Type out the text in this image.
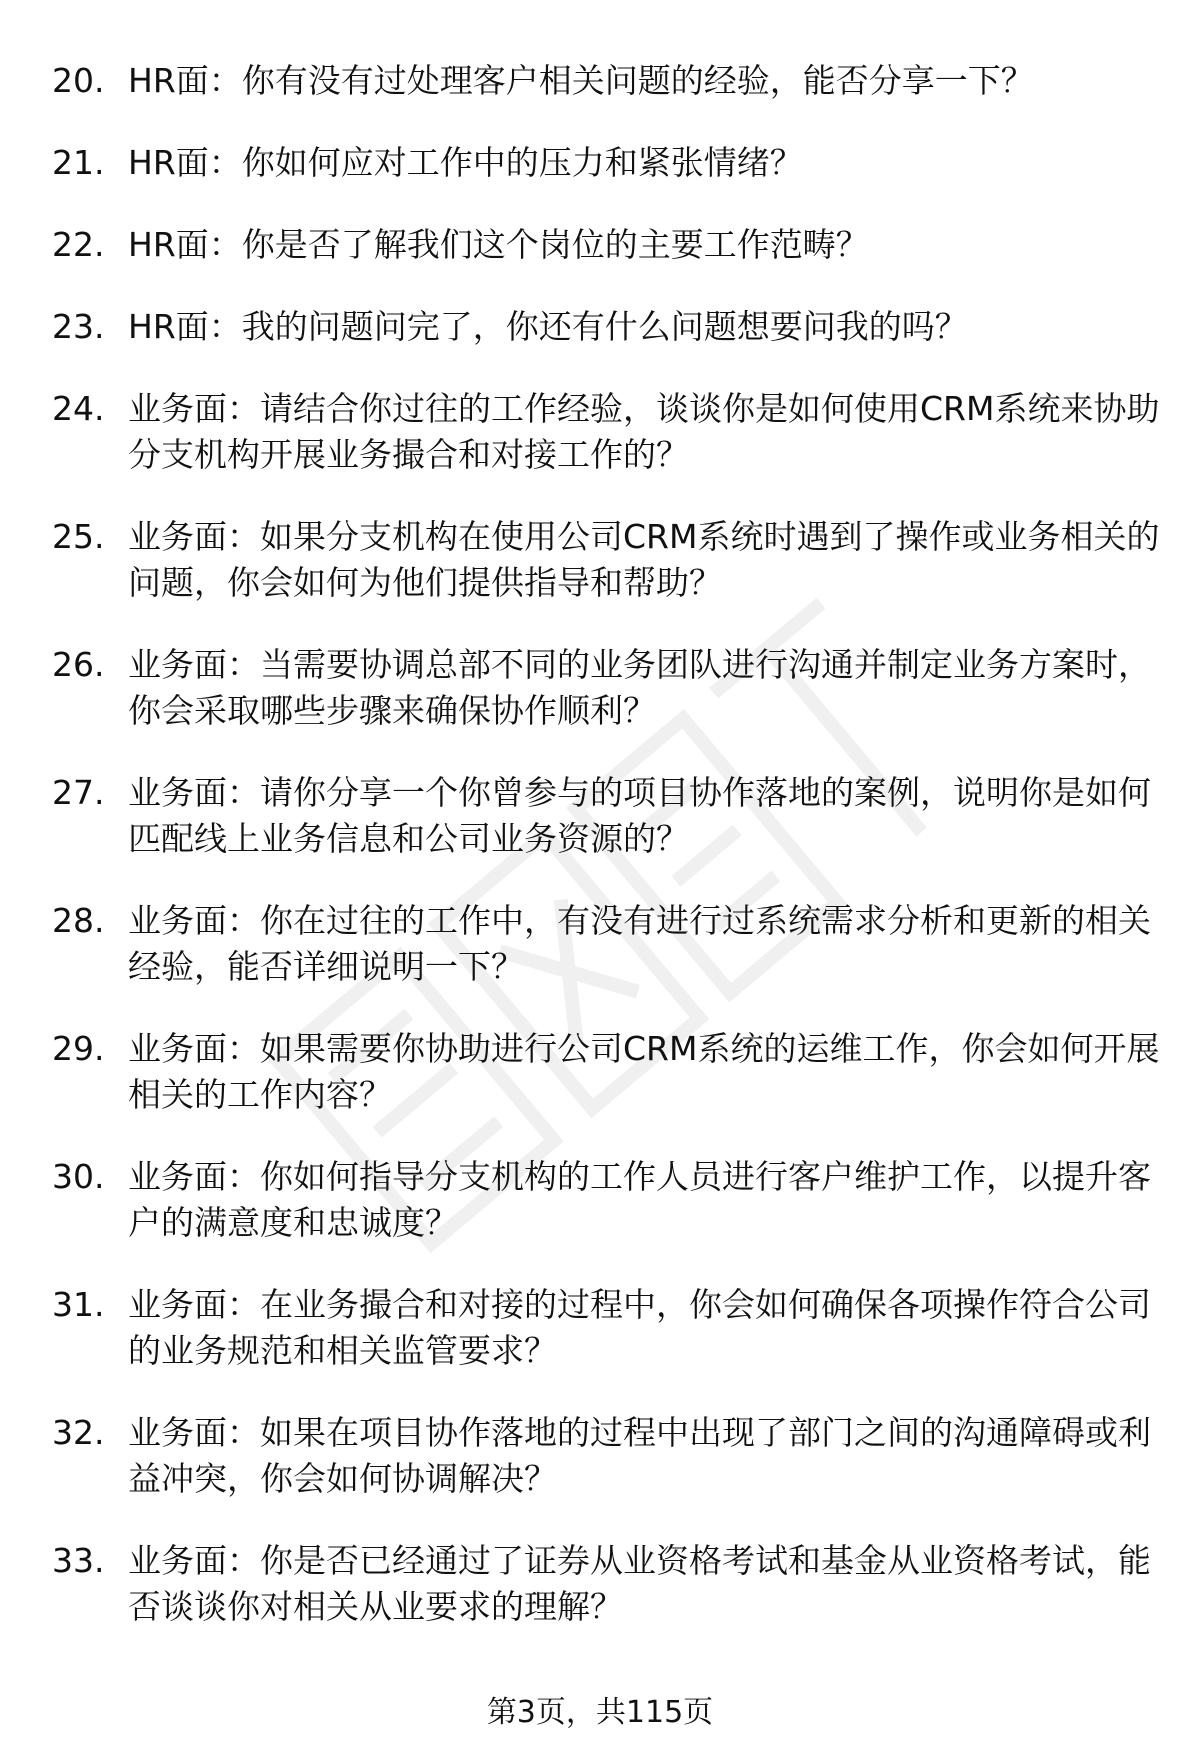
20. HR面：你有没有过处理客户相关问题的经验，能否分享一下？
21. HR面：你如何应对工作中的压力和紧张情绪？
22. HR面：你是否了解我们这个岗位的主要工作范畴？
23. HR面：我的问题问完了，你还有什么问题想要问我的吗？
24. 业务面：请结合你过往的工作经验，谈谈你是如何使用CRM系统来协助分支机构开展业务撮合和对接工作的？
25. 业务面：如果分支机构在使用公司CRM系统时遇到了操作或业务相关的问题，你会如何为他们提供指导和帮助？
26. 业务面：当需要协调总部不同的业务团队进行沟通并制定业务方案时，你会采取哪些步骤来确保协作顺利？
27. 业务面：请你分享一个你曾参与的项目协作落地的案例，说明你是如何匹配线上业务信息和公司业务资源的？
28. 业务面：你在过往的工作中，有没有进行过系统需求分析和更新的相关经验，能否详细说明一下？
29. 业务面：如果需要你协助进行公司CRM系统的运维工作，你会如何开展相关的工作内容？
30. 业务面：你如何指导分支机构的工作人员进行客户维护工作，以提升客户的满意度和忠诚度？
31. 业务面：在业务撮合和对接的过程中，你会如何确保各项操作符合公司的业务规范和相关监管要求？
32. 业务面：如果在项目协作落地的过程中出现了部门之间的沟通障碍或利益冲突，你会如何协调解决？
33. 业务面：你是否已经通过了证券从业资格考试和基金从业资格考试，能否谈谈你对相关从业要求的理解？
第3页，共115页
